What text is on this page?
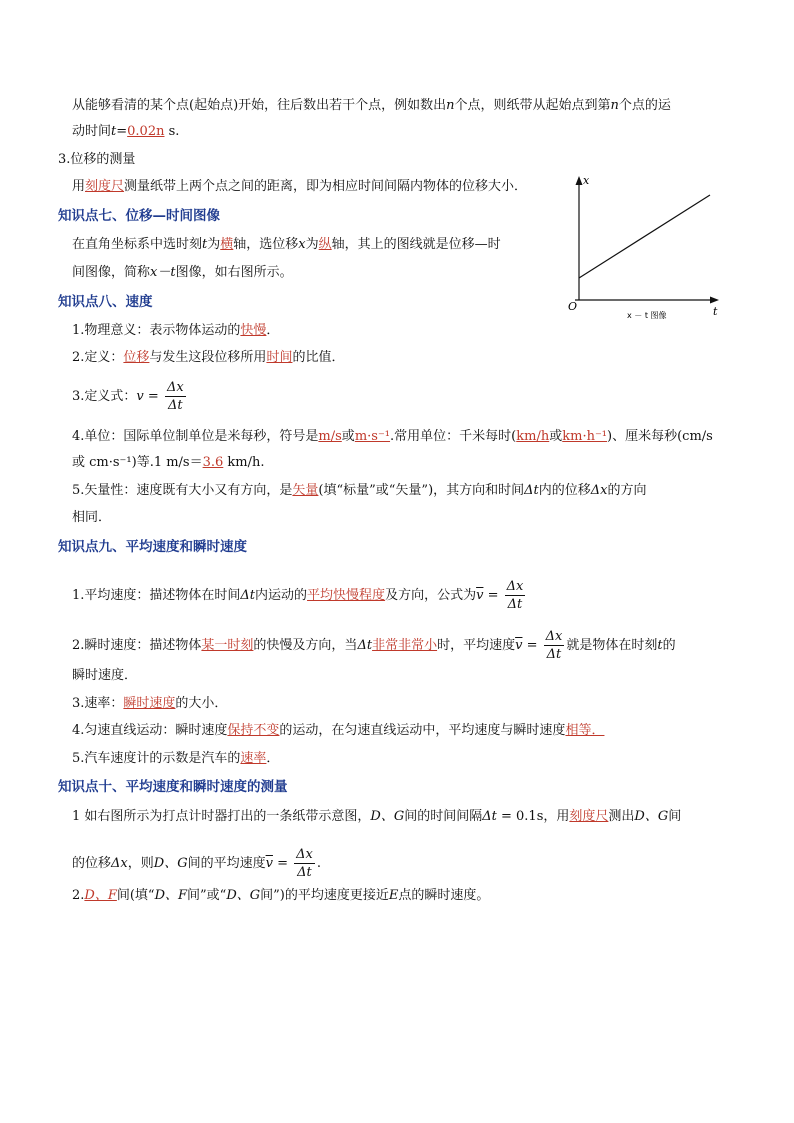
从能够看清的某个点(起始点)开始，往后数出若干个点，例如数出n个点，则纸带从起始点到第n个点的运
动时间t=0.02n s.
3.位移的测量
用刻度尺测量纸带上两个点之间的距离，即为相应时间间隔内物体的位移大小．
知识点七、位移—时间图像
在直角坐标系中选时刻t为横轴，选位移x为纵轴，其上的图线就是位移—时
间图像，简称x－t图像，如右图所示。
x
t
O
x － t 图像
知识点八、速度
1.物理意义：表示物体运动的快慢．
2.定义：位移与发生这段位移所用时间的比值．
3.定义式：$v = \frac{\Delta x}{\Delta t}$
4.单位：国际单位制单位是米每秒，符号是m/s或m·s⁻¹.常用单位：千米每时(km/h或km·h⁻¹)、厘米每秒(cm/s
或 cm·s⁻¹)等.1 m/s＝3.6 km/h.
5.矢量性：速度既有大小又有方向，是矢量(填“标量”或“矢量”)，其方向和时间Δt内的位移Δx的方向
相同．
知识点九、平均速度和瞬时速度
1.平均速度：描述物体在时间Δt内运动的平均快慢程度及方向，公式为$\overline{v} = \frac{\Delta x}{\Delta t}$
2.瞬时速度：描述物体某一时刻的快慢及方向，当Δt非常非常小时，平均速度$\overline{v} = \frac{\Delta x}{\Delta t}$ 就是物体在时刻t的
瞬时速度．
3.速率：瞬时速度的大小．
4.匀速直线运动：瞬时速度保持不变的运动，在匀速直线运动中，平均速度与瞬时速度相等．
5.汽车速度计的示数是汽车的速率．
知识点十、平均速度和瞬时速度的测量
1 如右图所示为打点计时器打出的一条纸带示意图，D、G间的时间间隔Δt = 0.1s，用刻度尺测出D、G间
的位移Δx，则D、G间的平均速度$\overline{v} = \frac{\Delta x}{\Delta t}$ .
2.D、F间(填“D、F间”或“D、G间”)的平均速度更接近E点的瞬时速度。
